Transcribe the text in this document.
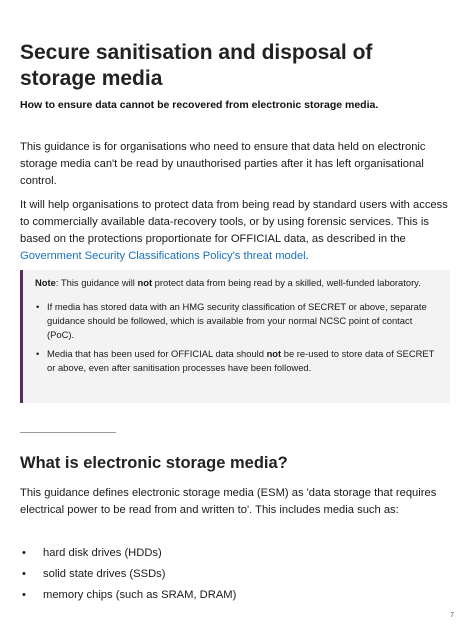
Secure sanitisation and disposal of storage media

How to ensure data cannot be recovered from electronic storage media.

This guidance is for organisations who need to ensure that data held on electronic storage media can't be read by unauthorised parties after it has left organisational control.

It will help organisations to protect data from being read by standard users with access to commercially available data-recovery tools, or by using forensic services. This is based on the protections proportionate for OFFICIAL data, as described in the Government Security Classifications Policy's threat model.

Note: This guidance will not protect data from being read by a skilled, well-funded laboratory.

• If media has stored data with an HMG security classification of SECRET or above, separate guidance should be followed, which is available from your normal NCSC point of contact (PoC).
• Media that has been used for OFFICIAL data should not be re-used to store data of SECRET or above, even after sanitisation processes have been followed.
What is electronic storage media?

This guidance defines electronic storage media (ESM) as 'data storage that requires electrical power to be read from and written to'. This includes media such as:

• hard disk drives (HDDs)
• solid state drives (SSDs)
• memory chips (such as SRAM, DRAM)
7
